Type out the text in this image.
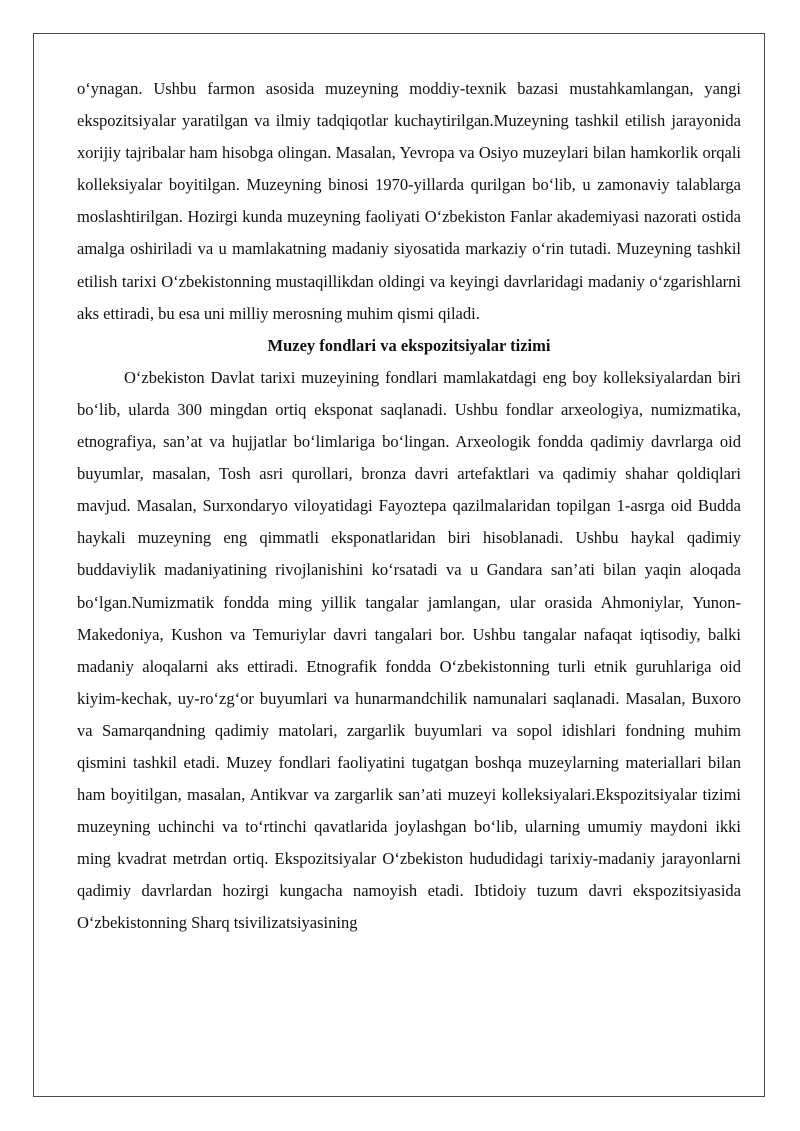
oʻynagan. Ushbu farmon asosida muzeyning moddiy-texnik bazasi mustahkamlangan, yangi ekspozitsiyalar yaratilgan va ilmiy tadqiqotlar kuchaytirilgan.Muzeyning tashkil etilish jarayonida xorijiy tajribalar ham hisobga olingan. Masalan, Yevropa va Osiyo muzeylari bilan hamkorlik orqali kolleksiyalar boyitilgan. Muzeyning binosi 1970-yillarda qurilgan boʻlib, u zamonaviy talablarga moslashtirilgan. Hozirgi kunda muzeyning faoliyati Oʻzbekiston Fanlar akademiyasi nazorati ostida amalga oshiriladi va u mamlakatning madaniy siyosatida markaziy oʻrin tutadi. Muzeyning tashkil etilish tarixi Oʻzbekistonning mustaqillikdan oldingi va keyingi davrlaridagi madaniy oʻzgarishlarni aks ettiradi, bu esa uni milliy merosning muhim qismi qiladi.

Muzey fondlari va ekspozitsiyalar tizimi

Oʻzbekiston Davlat tarixi muzeyining fondlari mamlakatdagi eng boy kolleksiyalardan biri boʻlib, ularda 300 mingdan ortiq eksponat saqlanadi. Ushbu fondlar arxeologiya, numizmatika, etnografiya, san’at va hujjatlar boʻlimlariga boʻlingan. Arxeologik fondda qadimiy davrlarga oid buyumlar, masalan, Tosh asri qurollari, bronza davri artefaktlari va qadimiy shahar qoldiqlari mavjud. Masalan, Surxondaryo viloyatidagi Fayoztepa qazilmalaridan topilgan 1-asrga oid Budda haykali muzeyning eng qimmatli eksponatlaridan biri hisoblanadi. Ushbu haykal qadimiy buddaviylik madaniyatining rivojlanishini koʻrsatadi va u Gandara san’ati bilan yaqin aloqada boʻlgan.Numizmatik fondda ming yillik tangalar jamlangan, ular orasida Ahmoniylar, Yunon-Makedoniya, Kushon va Temuriylar davri tangalari bor. Ushbu tangalar nafaqat iqtisodiy, balki madaniy aloqalarni aks ettiradi. Etnografik fondda Oʻzbekistonning turli etnik guruhlariga oid kiyim-kechak, uy-roʻzgʻor buyumlari va hunarmandchilik namunalari saqlanadi. Masalan, Buxoro va Samarqandning qadimiy matolari, zargarlik buyumlari va sopol idishlari fondning muhim qismini tashkil etadi. Muzey fondlari faoliyatini tugatgan boshqa muzeylarning materiallari bilan ham boyitilgan, masalan, Antikvar va zargarlik san’ati muzeyi kolleksiyalari.Ekspozitsiyalar tizimi muzeyning uchinchi va toʻrtinchi qavatlarida joylashgan boʻlib, ularning umumiy maydoni ikki ming kvadrat metrdan ortiq. Ekspozitsiyalar Oʻzbekiston hududidagi tarixiy-madaniy jarayonlarni qadimiy davrlardan hozirgi kungacha namoyish etadi. Ibtidoiy tuzum davri ekspozitsiyasida Oʻzbekistonning Sharq tsivilizatsiyasining
